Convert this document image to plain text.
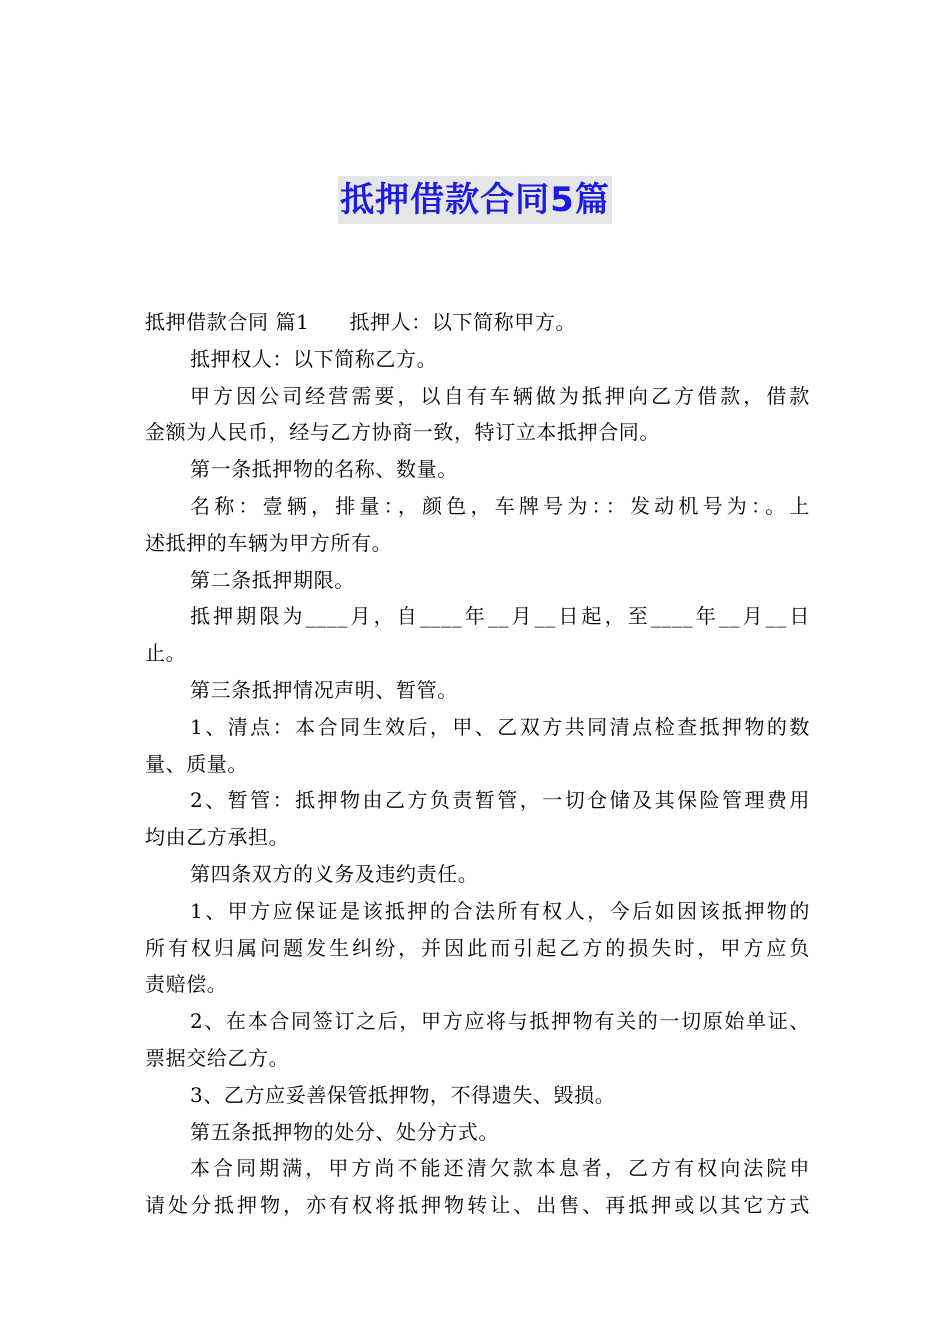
抵押借款合同5篇
抵押借款合同 篇1 抵押人：以下简称甲方。
抵押权人：以下简称乙方。
甲方因公司经营需要，以自有车辆做为抵押向乙方借款，借款
金额为人民币，经与乙方协商一致，特订立本抵押合同。
第一条抵押物的名称、数量。
名称：壹辆，排量：，颜色，车牌号为：：发动机号为：。上
述抵押的车辆为甲方所有。
第二条抵押期限。
抵押期限为____月，自____年__月__日起，至____年__月__日
止。
第三条抵押情况声明、暂管。
1、清点：本合同生效后，甲、乙双方共同清点检查抵押物的数
量、质量。
2、暂管：抵押物由乙方负责暂管，一切仓储及其保险管理费用
均由乙方承担。
第四条双方的义务及违约责任。
1、甲方应保证是该抵押的合法所有权人，今后如因该抵押物的
所有权归属问题发生纠纷，并因此而引起乙方的损失时，甲方应负
责赔偿。
2、在本合同签订之后，甲方应将与抵押物有关的一切原始单证、
票据交给乙方。
3、乙方应妥善保管抵押物，不得遗失、毁损。
第五条抵押物的处分、处分方式。
本合同期满，甲方尚不能还清欠款本息者，乙方有权向法院申
请处分抵押物，亦有权将抵押物转让、出售、再抵押或以其它方式
